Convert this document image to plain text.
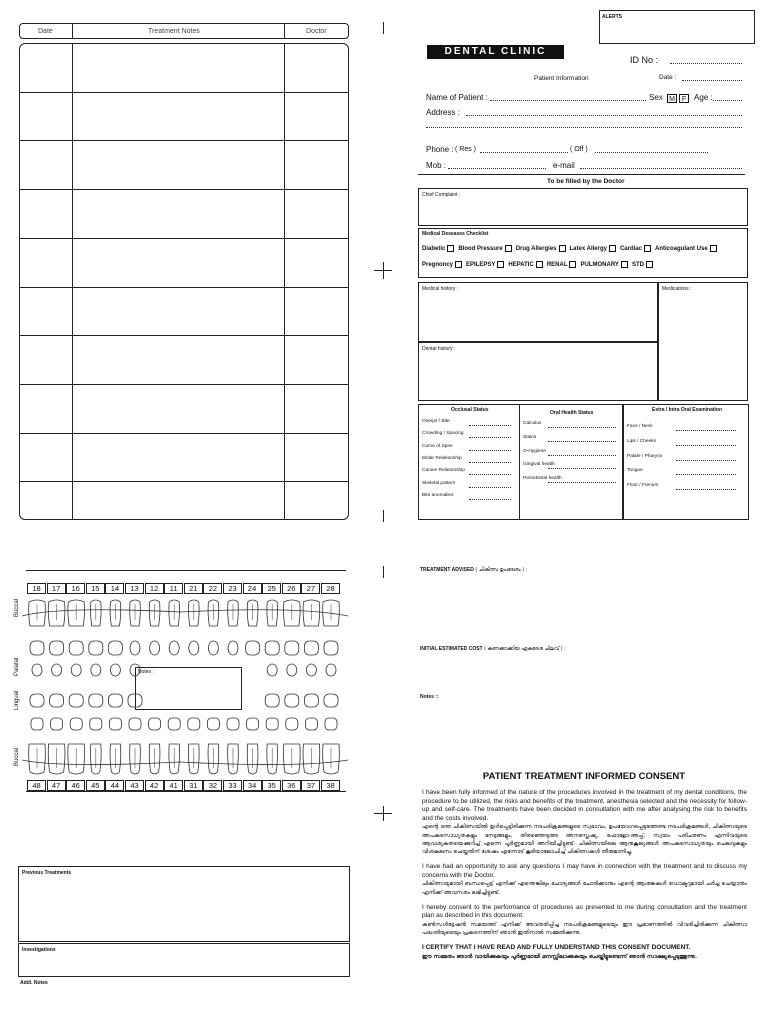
Date	Treatment Notes	Doctor
ALERTS
DENTAL CLINIC
ID No :
Patient Information	Date :
Name of Patient :	Sex M F Age :
Address :
Phone : ( Res )	( Off )
Mob :	e-mail
To be filled by the Doctor
Chief Complaint :
Medical Deseases Checklist
Diabetic Blood Pressure Drug Allergies Latex Allergy Cardiac Anticoagulant Use
Pregnoncy EPILEPSY HEPATIC RENAL PULMONARY STD
Medical history :	Medications :
Dental history :
Occlusal Status
Overjet / Bite
Crowding / Spacing
Curve of Spee
Molar Relationship
Canine Relationship
Skeletal pattern
Bite anomalies
Oral Health Status
Calculus
Stains
O-Hygiene
Gingival health
Periodontal health
Extra / Intra Oral Examination
Face / Neck
Lips / Cheeks
Palate / Pharynx
Tongue
Floor / Frenum
18	17	16	15	14	13	12	11	21	22	23	24	25	26	27	28
48	47	46	45	44	43	42	41	31	32	33	34	35	36	37	38
Buccal
Palatal
Lingual
Buccal
Notes :
Previous Treatments
Investigations
Addl. Notes
TREATMENT ADVISED ( ചികിത്സ ഉപദേശം ) :
INITIAL ESTIMATED COST ( കണക്കാക്കിയ ഏകദേശ ചിലവ് ) :
Notes ::
PATIENT TREATMENT INFORMED CONSENT
I have been fully informed of the nature of the procedures involved in the treatment of my dental conditions, the procedure to be utilized, the risks and benefits of the treatment, anesthesia selected and the necessity for follow-up and self-care. The treatments have been decided in consultation with me after analysing the risk to benefits and the costs involved.
എന്റെ ദന്ത ചികിത്സയിൽ ഉൾപ്പെട്ടിരിക്കുന്ന നടപടിക്രമങ്ങളുടെ സ്വഭാവം, ഉപയോഗപ്പെടുത്തേണ്ട നടപടിക്രമങ്ങൾ, ചികിത്സയുടെ അപകടസാധ്യതകളും നേട്ടങ്ങളും, തിരഞ്ഞെടുത്ത അനസ്തേഷ്യ, ഫോളോ-അപ്പ്, സ്വയം പരിചരണം എന്നിവയുടെ ആവശ്യകതയെക്കുറിച്ച് എന്നെ പൂർണ്ണമായി അറിയിച്ചിട്ടുണ്ട്. ചികിത്സയിലെ ആനുകൂല്യങ്ങൾ അപകടസാധ്യതയും ചെലവുകളും വിശകലനം ചെയ്തതിന് ശേഷം എന്നോട് കൂടിയാലോചിച്ച് ചികിത്സകൾ തീരുമാനിച്ചു.
I have had an opportunity to ask any questions I may have in connection with the treatment and to discuss my concerns with the Doctor.
ചികിത്സയുമായി ബന്ധപ്പെട്ട് എനിക്ക് എന്തെങ്കിലും ചോദ്യങ്ങൾ ചോദിക്കാനും എന്റെ ആശങ്കകൾ ഡോക്ടറുമായി ചർച്ച ചെയ്യാനും എനിക്ക് അവസരം ലഭിച്ചിട്ടുണ്ട്.
I hereby consent to the performance of procedures as presented to me during consultation and the treatment plan as described in this document.
കൺസൾട്ടേഷൻ സമയത്ത് എനിക്ക് അവതരിപ്പിച്ച നടപടിക്രമങ്ങളുടെയും ഈ പ്രമാണത്തിൽ വിവരിച്ചിരിക്കുന്ന ചികിത്സാ പദ്ധതിയുടെയും പ്രകടനത്തിന് ഞാൻ ഇതിനാൽ സമ്മതിക്കുന്നു.
I CERTIFY THAT I HAVE READ AND FULLY UNDERSTAND THIS CONSENT DOCUMENT.
ഈ സമ്മതം ഞാൻ വായിക്കുകയും പൂർണ്ണമായി മനസ്സിലാക്കുകയും ചെയ്തിട്ടുണ്ടെന്ന് ഞാൻ സാക്ഷ്യപ്പെടുത്തുന്നു.
